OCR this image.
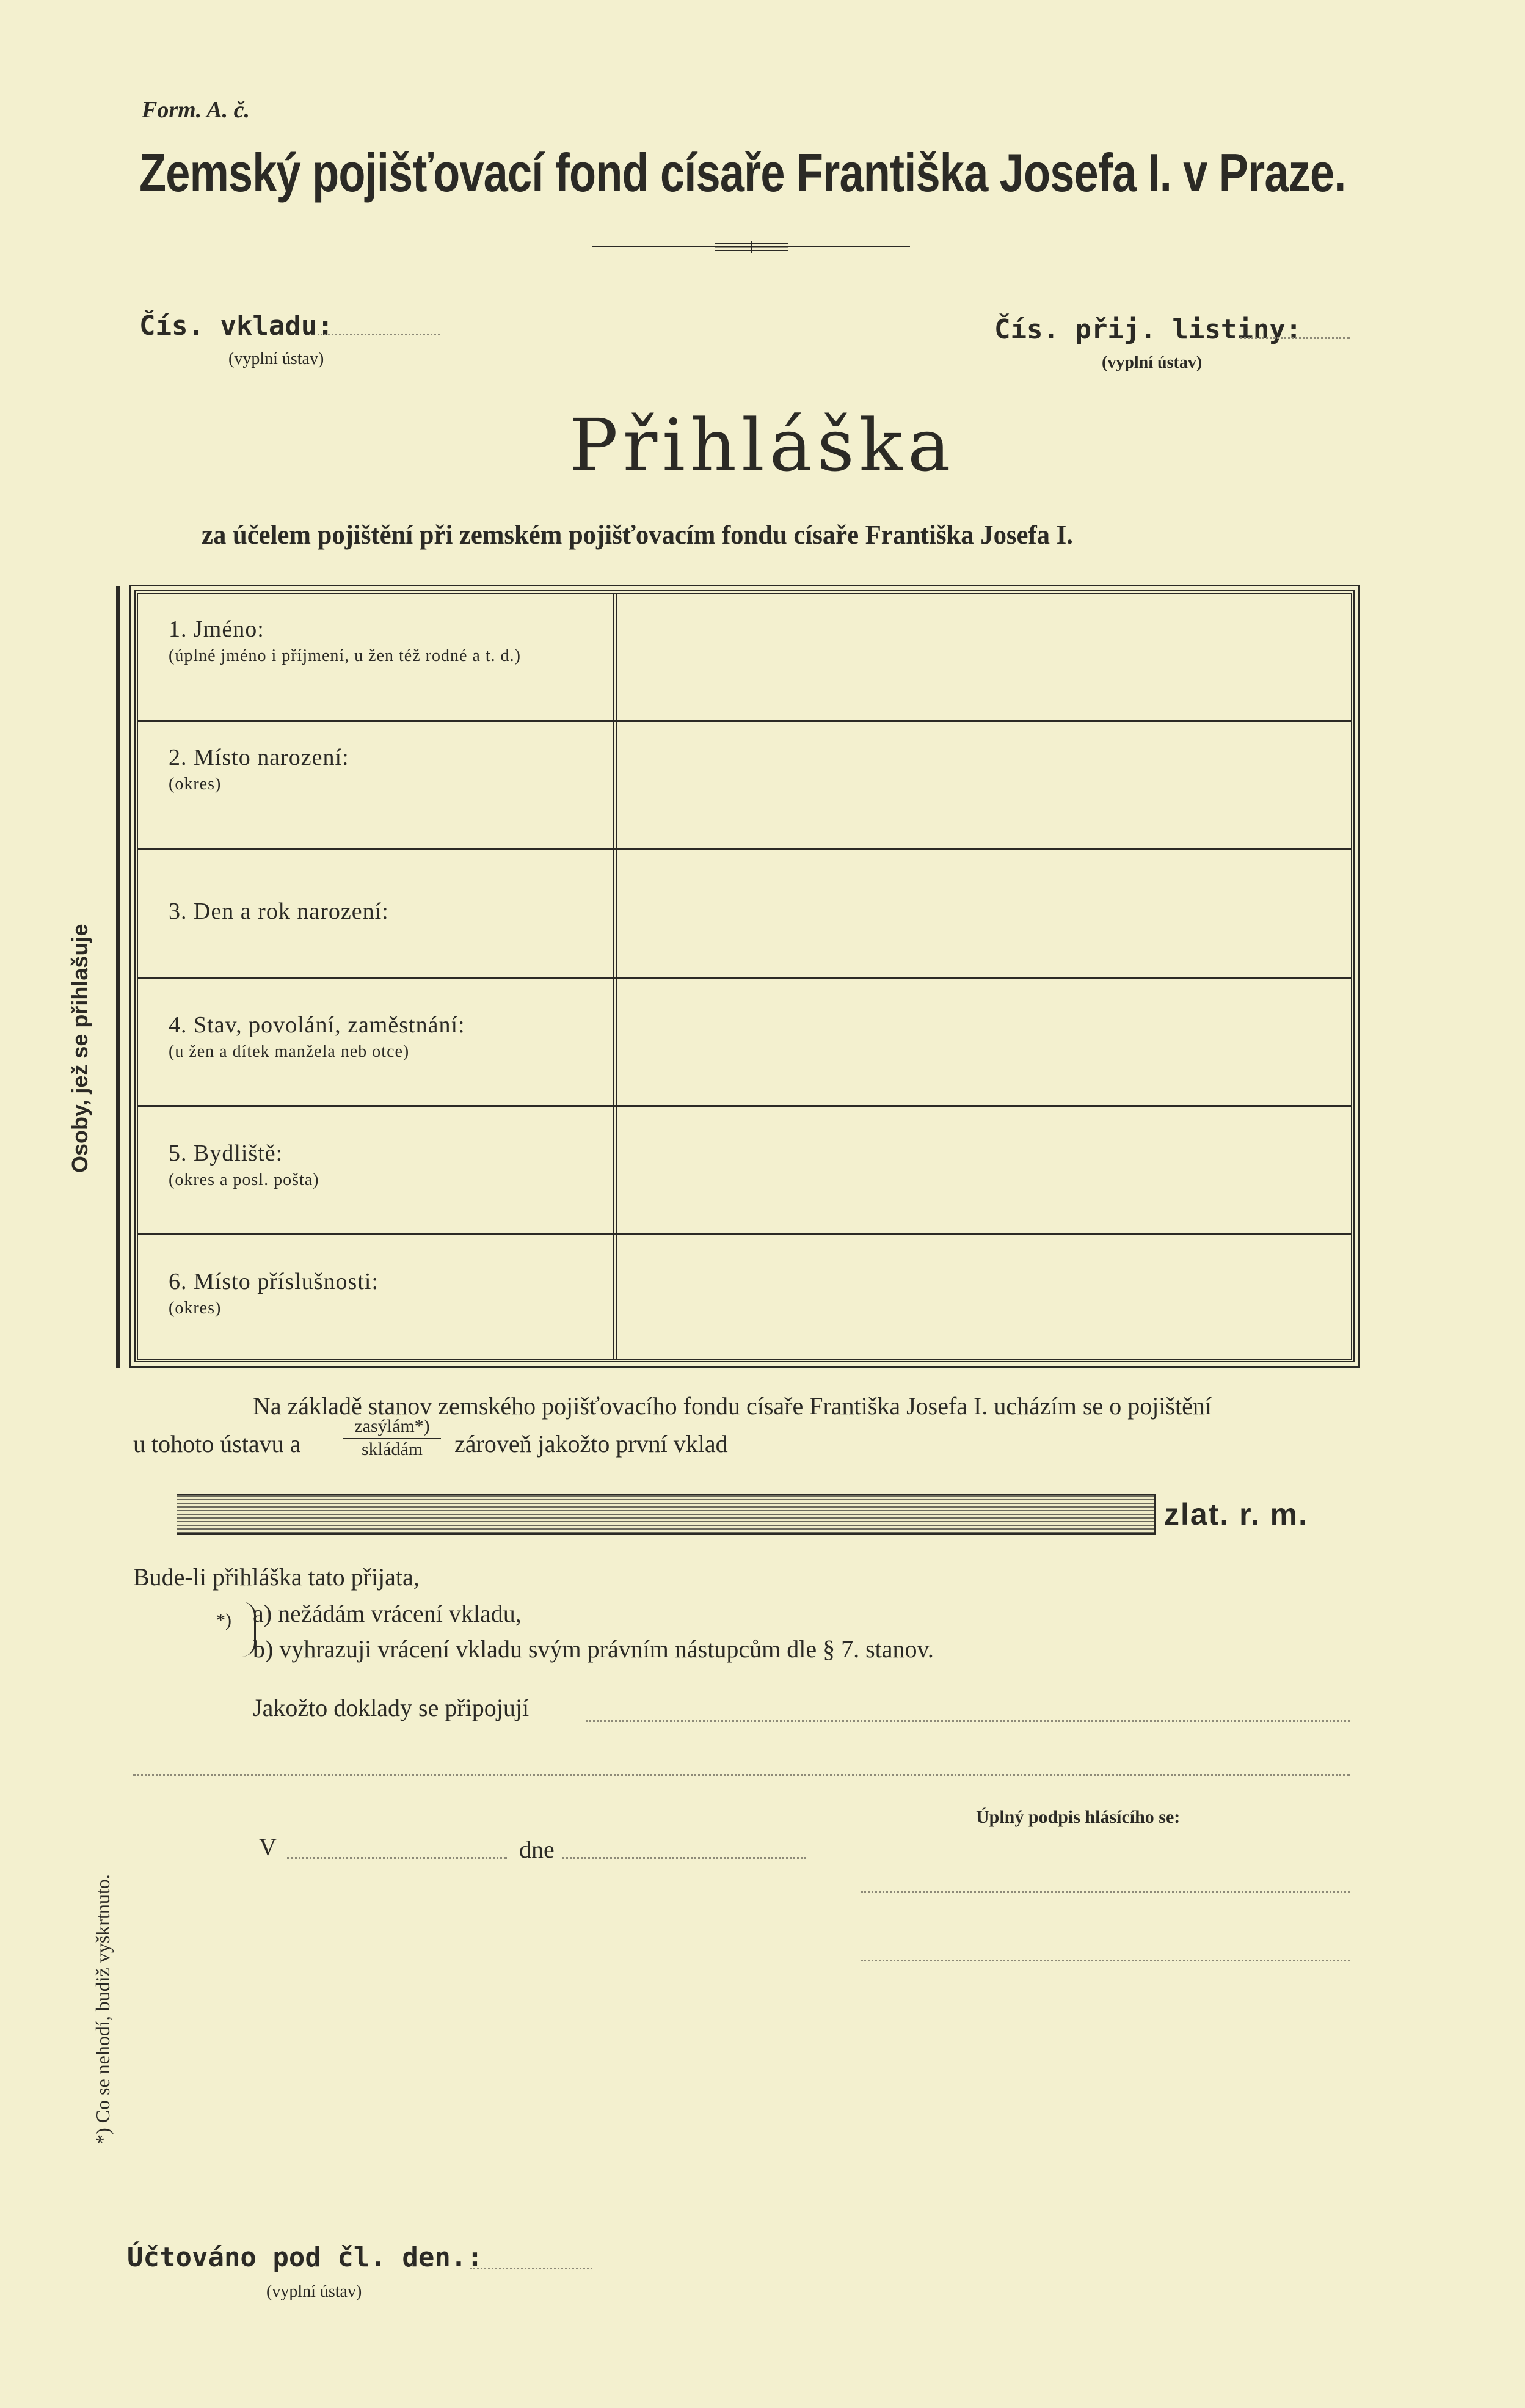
Form. A. č.
Zemský pojišťovací fond císaře Františka Josefa I. v Praze.
Čís. vkladu:
(vyplní ústav)
Čís. přij. listiny:
(vyplní ústav)
Přihláška
za účelem pojištění při zemském pojišťovacím fondu císaře Františka Josefa I.
Osoby, jež se přihlašuje
1. Jméno:
(úplné jméno i příjmení, u žen též rodné a t. d.)
2. Místo narození:
(okres)
3. Den a rok narození:
4. Stav, povolání, zaměstnání:
(u žen a dítek manžela neb otce)
5. Bydliště:
(okres a posl. pošta)
6. Místo příslušnosti:
(okres)
Na základě stanov zemského pojišťovacího fondu císaře Františka Josefa I. ucházím se o pojištění
u tohoto ústavu a
zasýlám*)
skládám	zároveň jakožto první vklad
zlat. r. m.
Bude-li přihláška tato přijata,
*) a) nežádám vrácení vkladu,
b) vyhrazuji vrácení vkladu svým právním nástupcům dle § 7. stanov.
Jakožto doklady se připojují
*) Co se nehodí, budiž vyškrtnuto.
V	dne
Úplný podpis hlásícího se:
Účtováno pod čl. den.:
(vyplní ústav)
